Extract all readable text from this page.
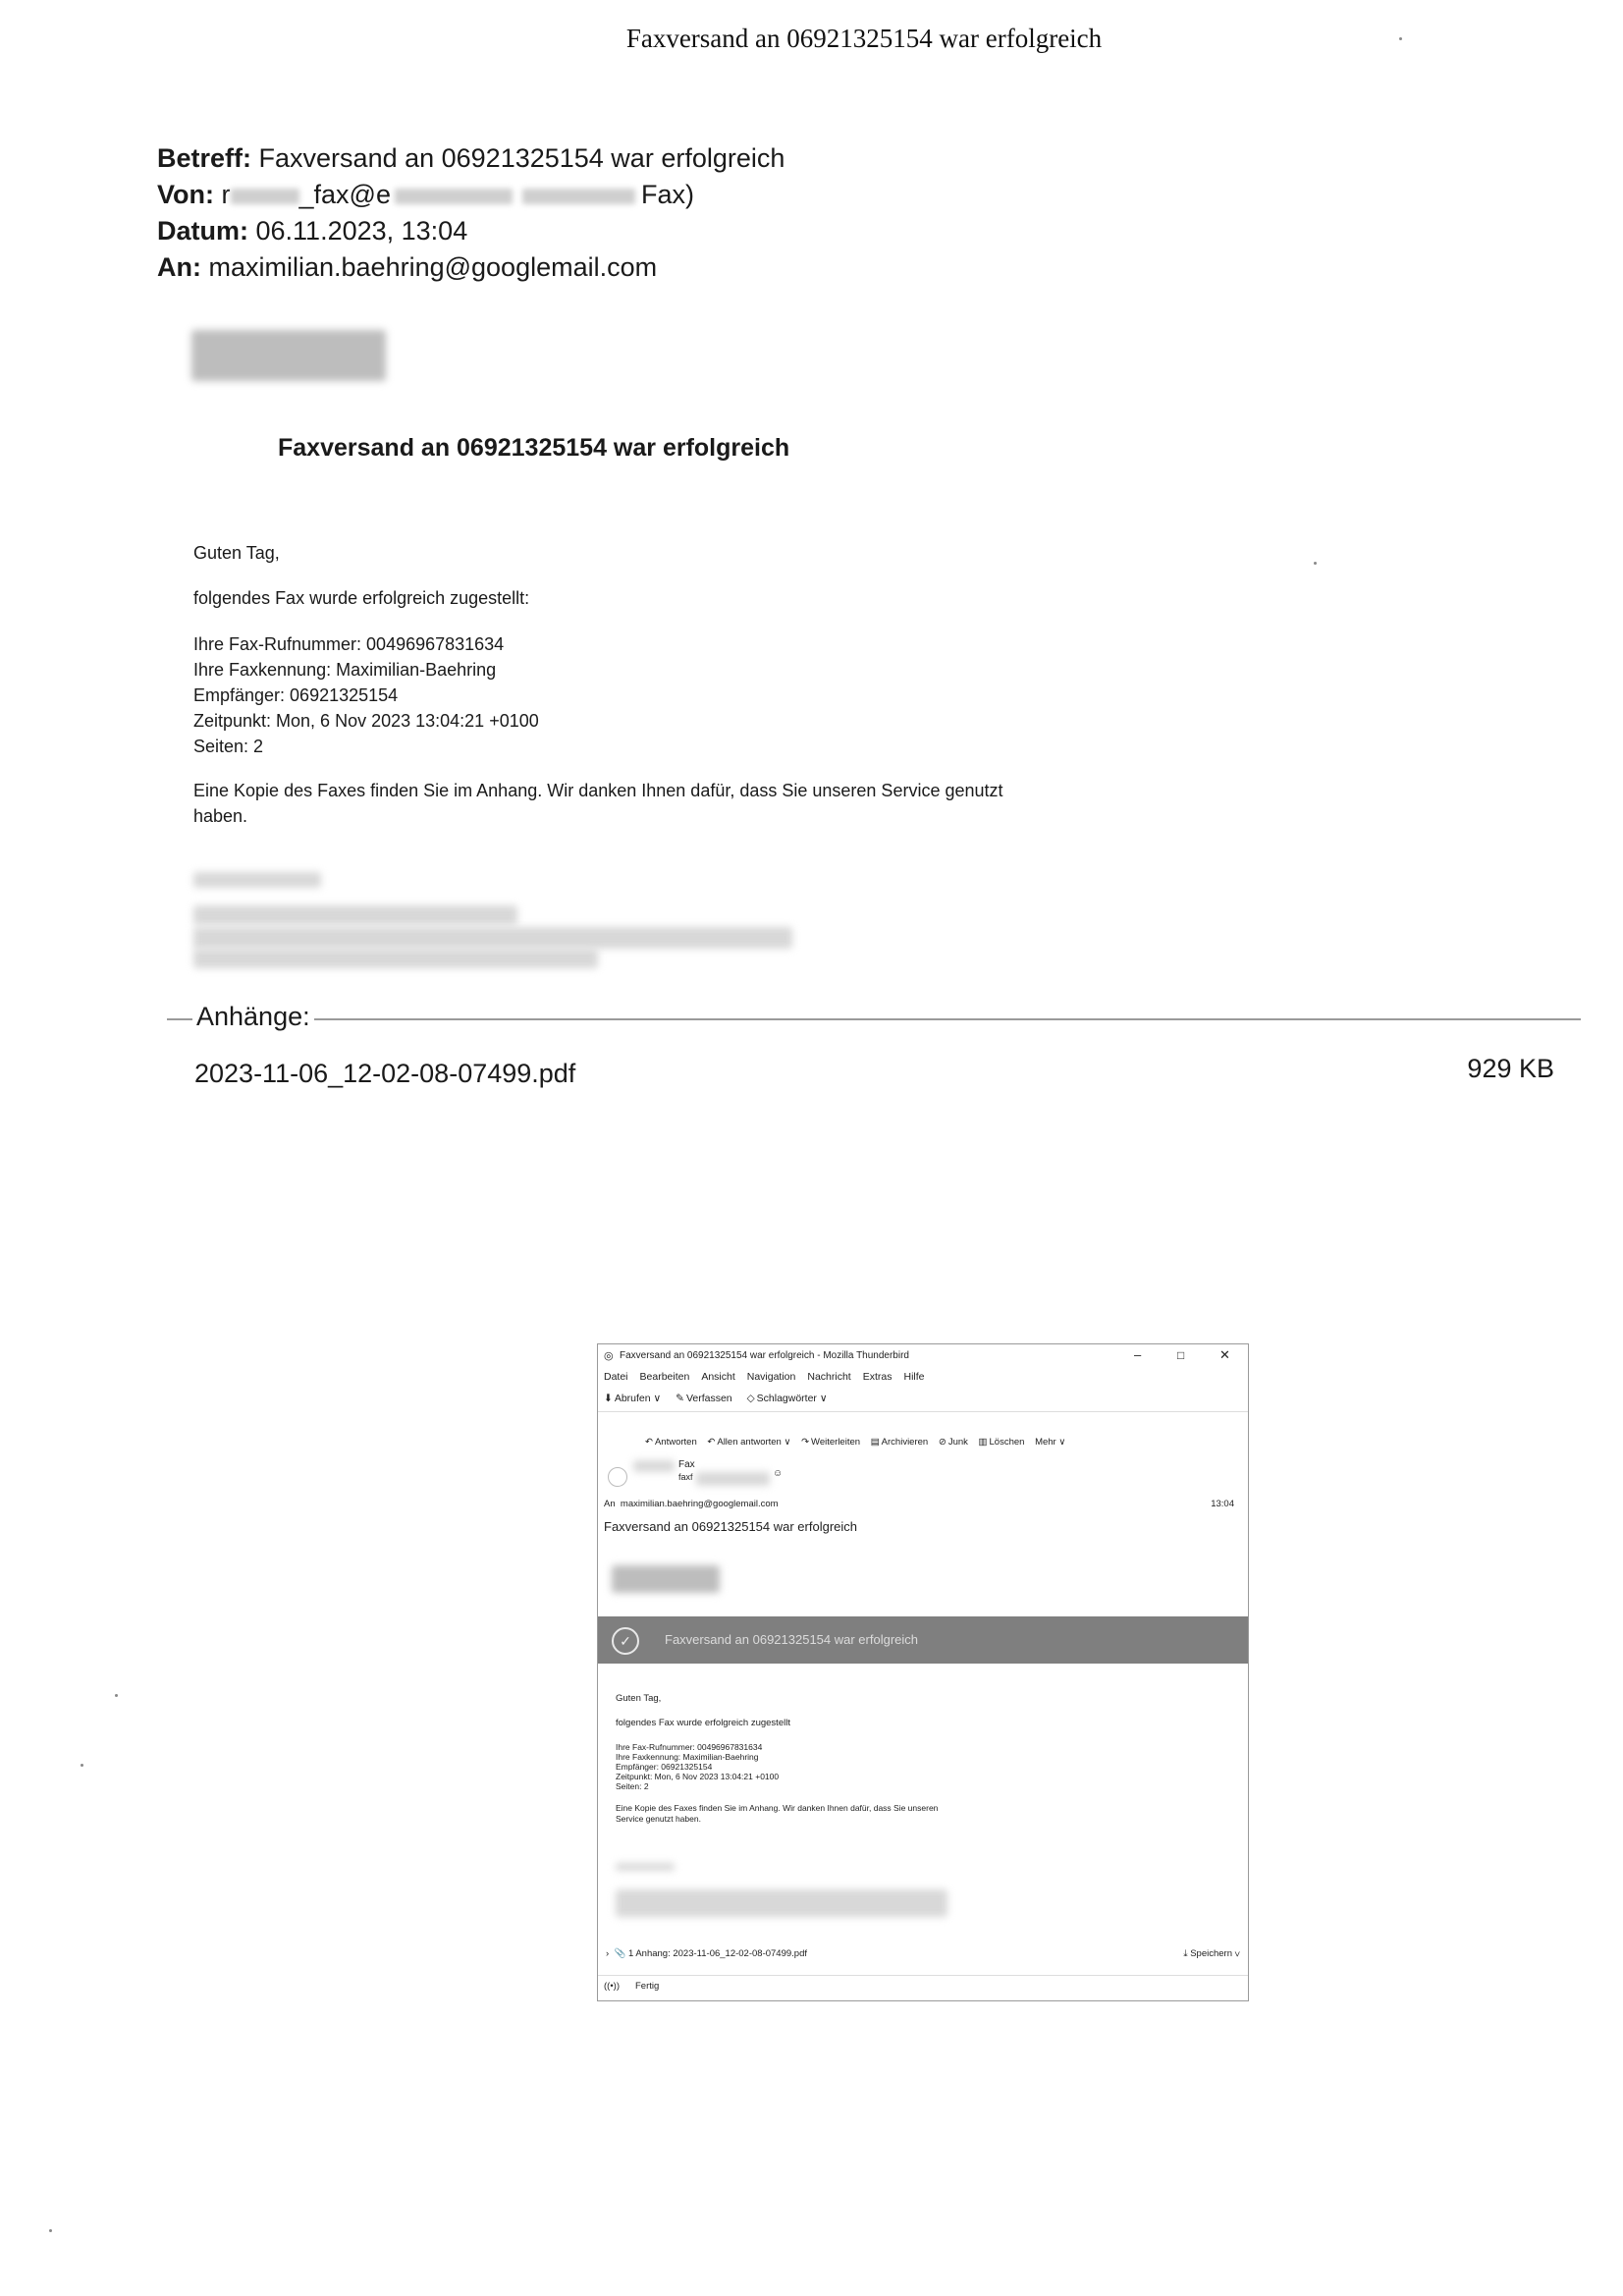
Faxversand an 06921325154 war erfolgreich
Betreff: Faxversand an 06921325154 war erfolgreich
Von: r	_fax@e	Fax)
Datum: 06.11.2023, 13:04
An: maximilian.baehring@googlemail.com
Faxversand an 06921325154 war erfolgreich
Guten Tag,
folgendes Fax wurde erfolgreich zugestellt:
Ihre Fax-Rufnummer: 00496967831634
Ihre Faxkennung: Maximilian-Baehring
Empfänger: 06921325154
Zeitpunkt: Mon, 6 Nov 2023 13:04:21 +0100
Seiten: 2
Eine Kopie des Faxes finden Sie im Anhang. Wir danken Ihnen dafür, dass Sie unseren Service genutzt
haben.
Anhänge:
2023-11-06_12-02-08-07499.pdf	929 KB
◎ Faxversand an 06921325154 war erfolgreich - Mozilla Thunderbird	–	□	✕
Datei Bearbeiten Ansicht Navigation Nachricht Extras Hilfe
⬇ Abrufen ∨ ✎ Verfassen ◇ Schlagwörter ∨
↶ Antworten ↶ Allen antworten ∨ ↷ Weiterleiten ▤ Archivieren ⊘ Junk ▥ Löschen Mehr ∨
Fax
faxf	☺
An maximilian.baehring@googlemail.com	13:04
Faxversand an 06921325154 war erfolgreich
✓	Faxversand an 06921325154 war erfolgreich
Guten Tag,
folgendes Fax wurde erfolgreich zugestellt
Ihre Fax-Rufnummer: 00496967831634
Ihre Faxkennung: Maximilian-Baehring
Empfänger: 06921325154
Zeitpunkt: Mon, 6 Nov 2023 13:04:21 +0100
Seiten: 2
Eine Kopie des Faxes finden Sie im Anhang. Wir danken Ihnen dafür, dass Sie unseren
Service genutzt haben.
› 📎 1 Anhang: 2023-11-06_12-02-08-07499.pdf	⤓ Speichern ∨
((•)) Fertig
